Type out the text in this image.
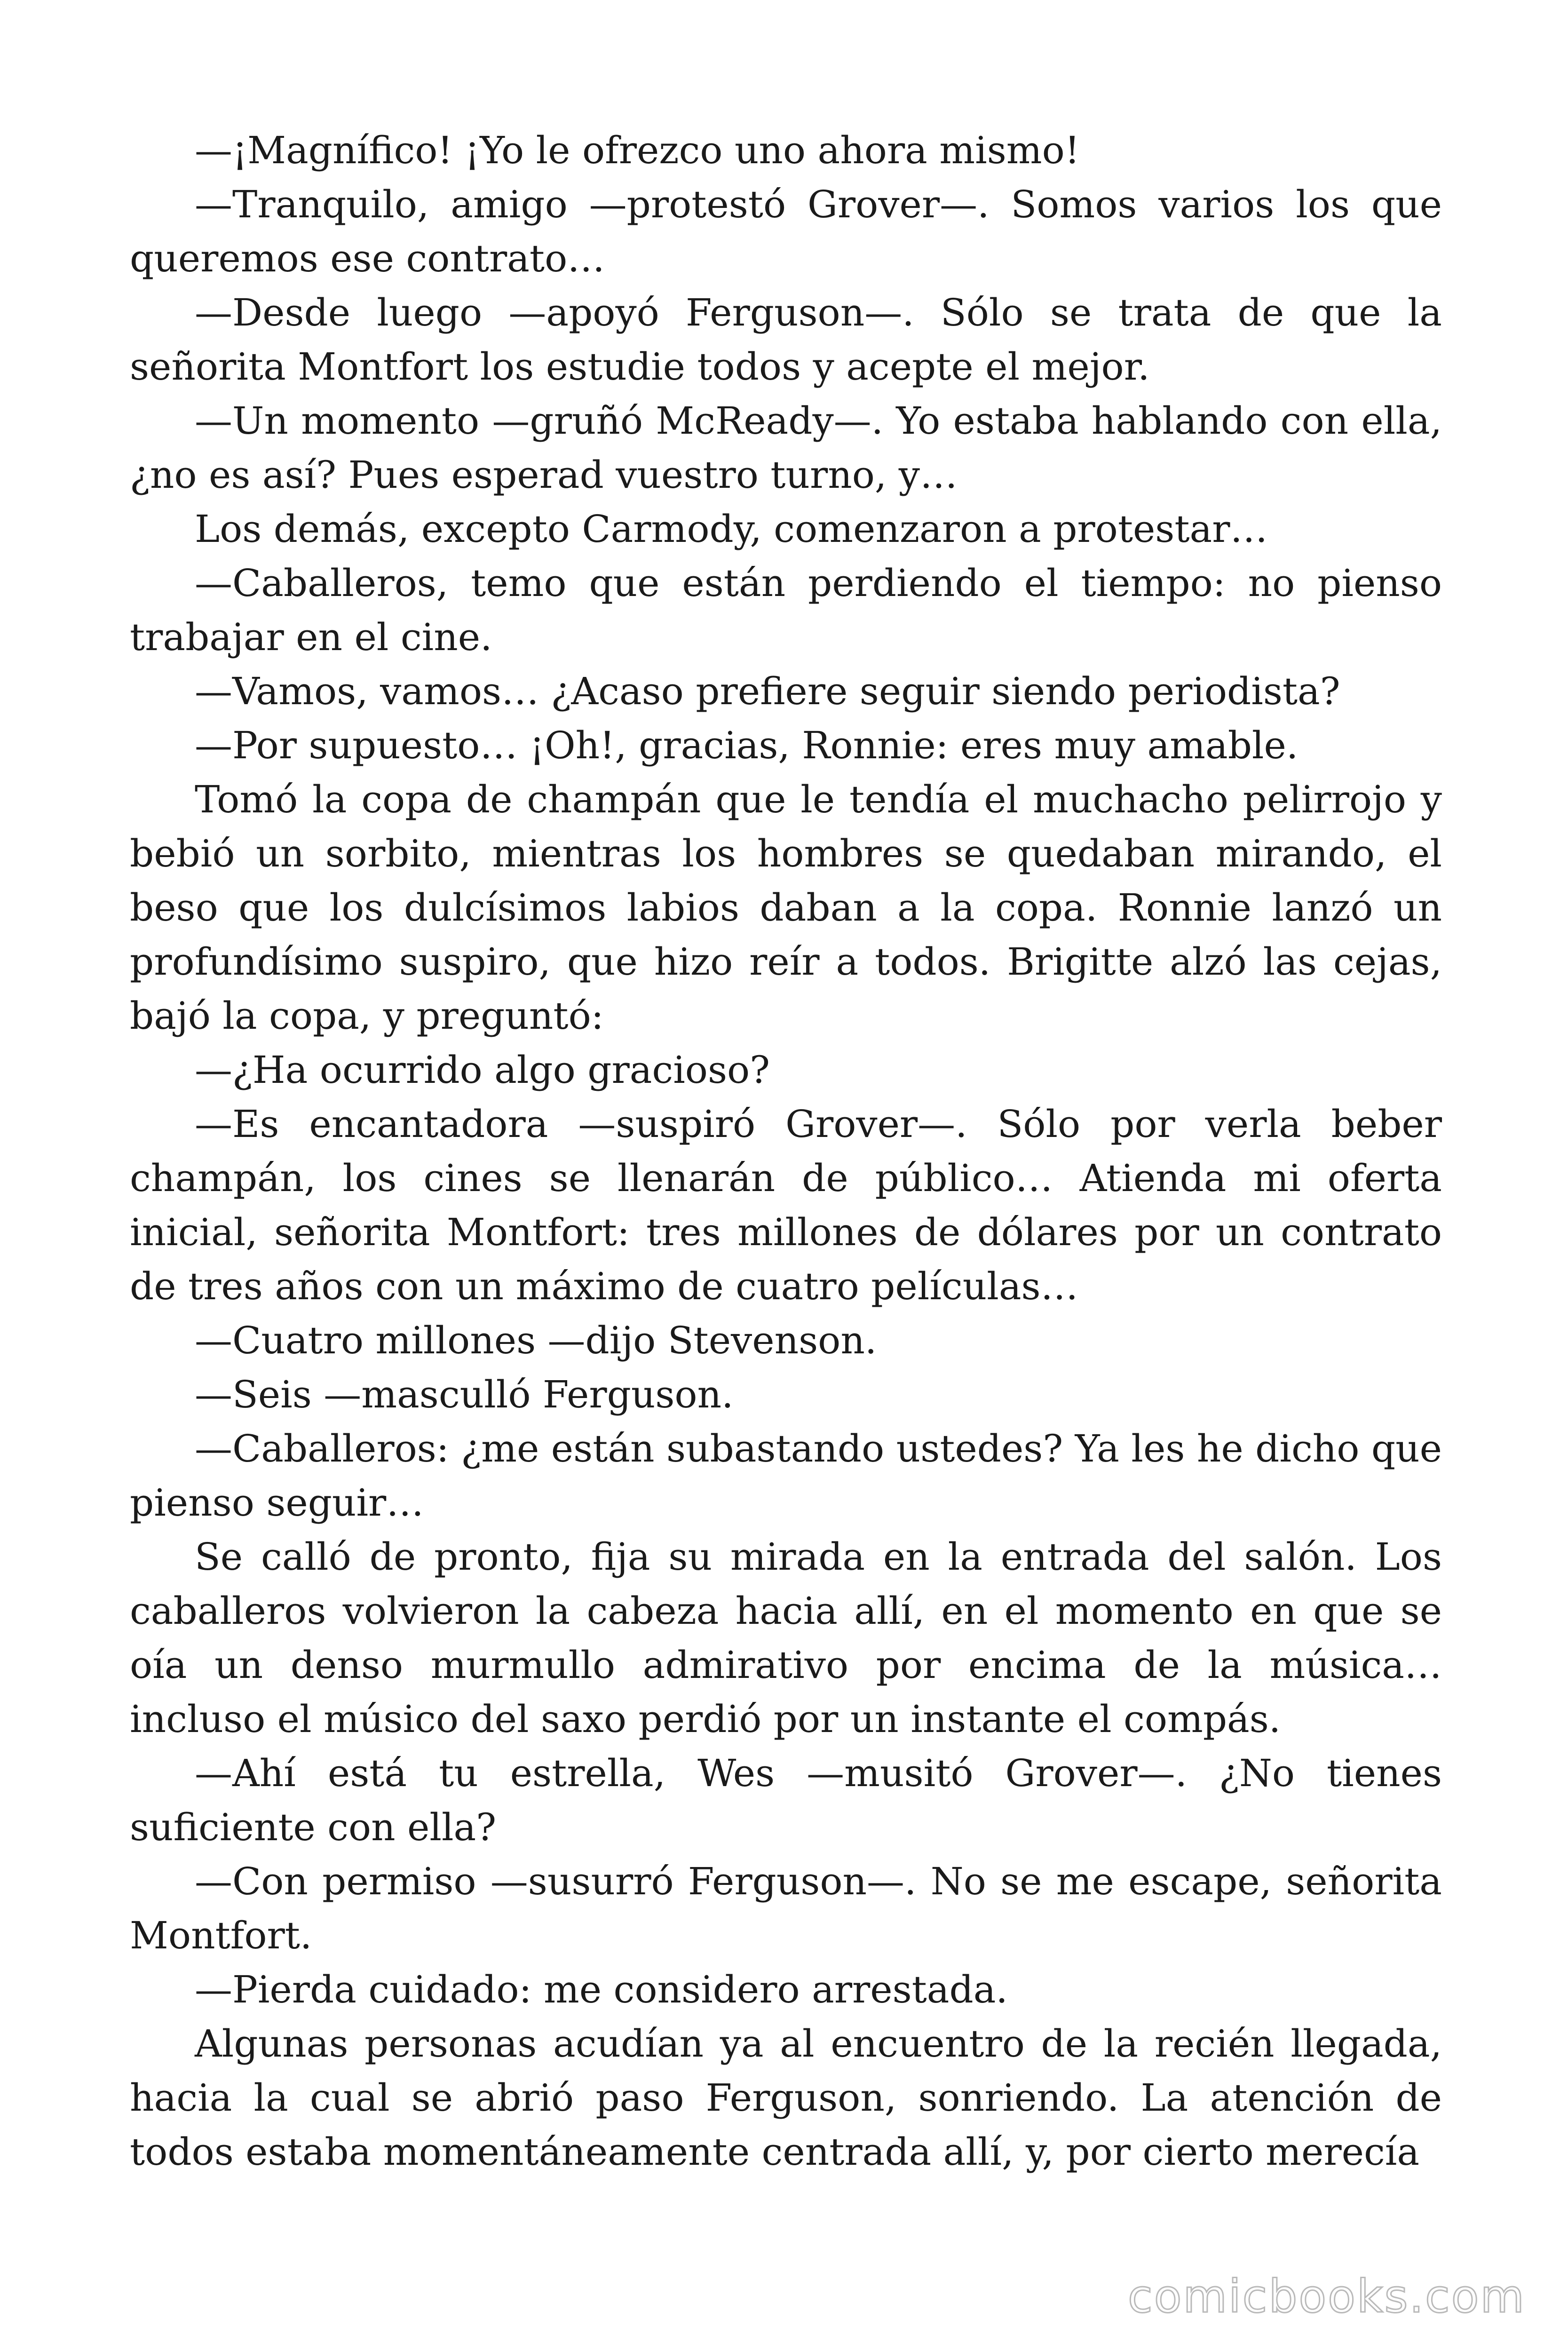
—¡Magnífico! ¡Yo le ofrezco uno ahora mismo!

—Tranquilo, amigo —protestó Grover—. Somos varios los que queremos ese contrato…

—Desde luego —apoyó Ferguson—. Sólo se trata de que la señorita Montfort los estudie todos y acepte el mejor.

—Un momento —gruñó McReady—. Yo estaba hablando con ella, ¿no es así? Pues esperad vuestro turno, y…

Los demás, excepto Carmody, comenzaron a protestar…

—Caballeros, temo que están perdiendo el tiempo: no pienso trabajar en el cine.

—Vamos, vamos… ¿Acaso prefiere seguir siendo periodista?

—Por supuesto… ¡Oh!, gracias, Ronnie: eres muy amable.

Tomó la copa de champán que le tendía el muchacho pelirrojo y bebió un sorbito, mientras los hombres se quedaban mirando, el beso que los dulcísimos labios daban a la copa. Ronnie lanzó un profundísimo suspiro, que hizo reír a todos. Brigitte alzó las cejas, bajó la copa, y preguntó:

—¿Ha ocurrido algo gracioso?

—Es encantadora —suspiró Grover—. Sólo por verla beber champán, los cines se llenarán de público… Atienda mi oferta inicial, señorita Montfort: tres millones de dólares por un contrato de tres años con un máximo de cuatro películas…

—Cuatro millones —dijo Stevenson.

—Seis —masculló Ferguson.

—Caballeros: ¿me están subastando ustedes? Ya les he dicho que pienso seguir…

Se calló de pronto, fija su mirada en la entrada del salón. Los caballeros volvieron la cabeza hacia allí, en el momento en que se oía un denso murmullo admirativo por encima de la música… incluso el músico del saxo perdió por un instante el compás.

—Ahí está tu estrella, Wes —musitó Grover—. ¿No tienes suficiente con ella?

—Con permiso —susurró Ferguson—. No se me escape, señorita Montfort.

—Pierda cuidado: me considero arrestada.

Algunas personas acudían ya al encuentro de la recién llegada, hacia la cual se abrió paso Ferguson, sonriendo. La atención de todos estaba momentáneamente centrada allí, y, por cierto merecía

comicbooks.com
